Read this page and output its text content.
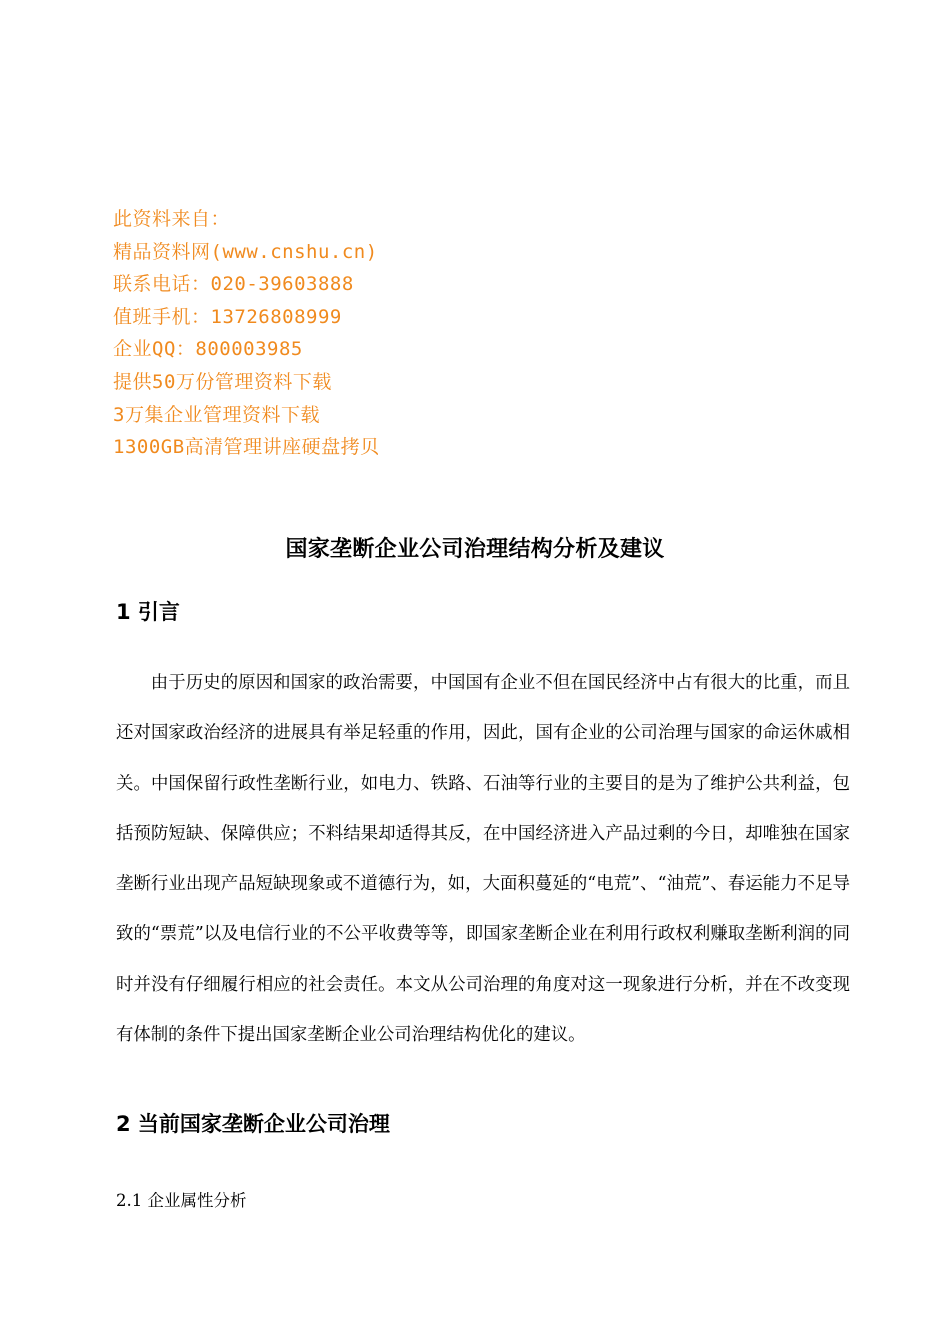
此资料来自：
精品资料网(www.cnshu.cn)
联系电话：020-39603888
值班手机：13726808999
企业QQ：800003985
提供50万份管理资料下载
3万集企业管理资料下载
1300GB高清管理讲座硬盘拷贝
国家垄断企业公司治理结构分析及建议
1 引言

由于历史的原因和国家的政治需要，中国国有企业不但在国民经济中占有很大的比重，而且还对国家政治经济的进展具有举足轻重的作用，因此，国有企业的公司治理与国家的命运休戚相关。中国保留行政性垄断行业，如电力、铁路、石油等行业的主要目的是为了维护公共利益，包括预防短缺、保障供应；不料结果却适得其反，在中国经济进入产品过剩的今日，却唯独在国家垄断行业出现产品短缺现象或不道德行为，如，大面积蔓延的“电荒”、“油荒”、春运能力不足导致的“票荒”以及电信行业的不公平收费等等，即国家垄断企业在利用行政权利赚取垄断利润的同时并没有仔细履行相应的社会责任。本文从公司治理的角度对这一现象进行分析，并在不改变现有体制的条件下提出国家垄断企业公司治理结构优化的建议。

2 当前国家垄断企业公司治理

2.1 企业属性分析
